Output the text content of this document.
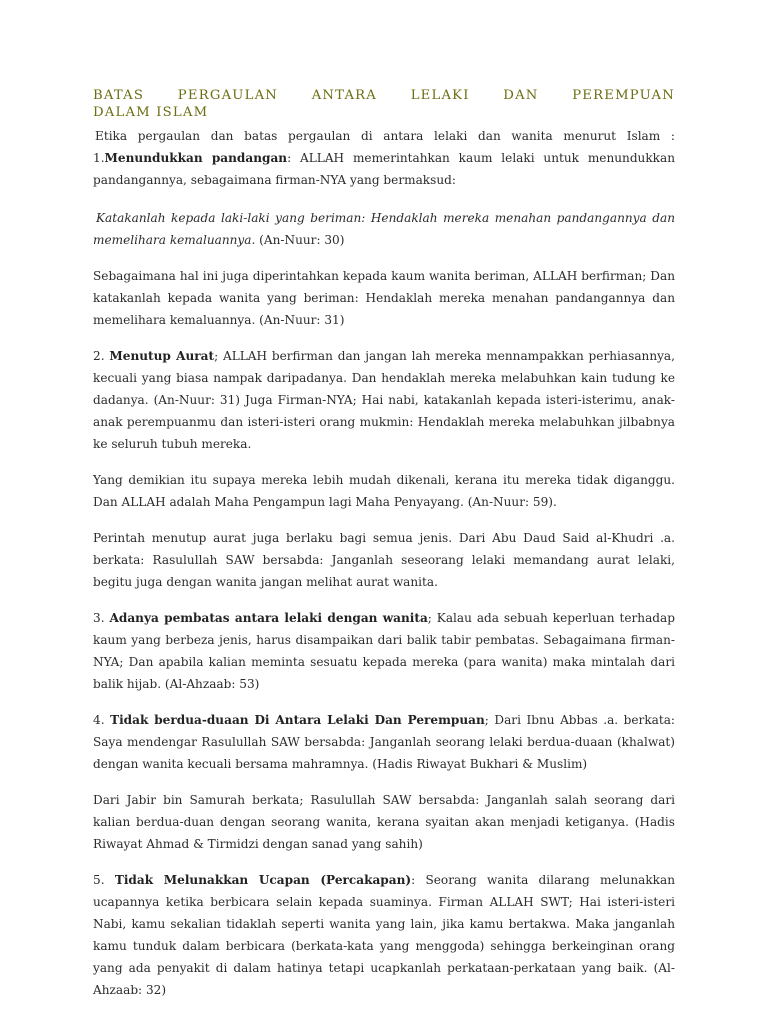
BATAS PERGAULAN ANTARA LELAKI DAN PEREMPUAN
DALAM ISLAM

Etika pergaulan dan batas pergaulan di antara lelaki dan wanita menurut Islam :

1.Menundukkan pandangan: ALLAH memerintahkan kaum lelaki untuk menundukkan pandangannya, sebagaimana firman-NYA yang bermaksud:

Katakanlah kepada laki-laki yang beriman: Hendaklah mereka menahan pandangannya dan memelihara kemaluannya. (An-Nuur: 30)

Sebagaimana hal ini juga diperintahkan kepada kaum wanita beriman, ALLAH berfirman; Dan katakanlah kepada wanita yang beriman: Hendaklah mereka menahan pandangannya dan memelihara kemaluannya. (An-Nuur: 31)

2. Menutup Aurat; ALLAH berfirman dan jangan lah mereka mennampakkan perhiasannya, kecuali yang biasa nampak daripadanya. Dan hendaklah mereka melabuhkan kain tudung ke dadanya. (An-Nuur: 31) Juga Firman-NYA; Hai nabi, katakanlah kepada isteri-isterimu, anak-anak perempuanmu dan isteri-isteri orang mukmin: Hendaklah mereka melabuhkan jilbabnya ke seluruh tubuh mereka.

Yang demikian itu supaya mereka lebih mudah dikenali, kerana itu mereka tidak diganggu. Dan ALLAH adalah Maha Pengampun lagi Maha Penyayang. (An-Nuur: 59).

Perintah menutup aurat juga berlaku bagi semua jenis. Dari Abu Daud Said al-Khudri .a. berkata: Rasulullah SAW bersabda: Janganlah seseorang lelaki memandang aurat lelaki, begitu juga dengan wanita jangan melihat aurat wanita.

3. Adanya pembatas antara lelaki dengan wanita; Kalau ada sebuah keperluan terhadap kaum yang berbeza jenis, harus disampaikan dari balik tabir pembatas. Sebagaimana firman-NYA; Dan apabila kalian meminta sesuatu kepada mereka (para wanita) maka mintalah dari balik hijab. (Al-Ahzaab: 53)

4. Tidak berdua-duaan Di Antara Lelaki Dan Perempuan; Dari Ibnu Abbas .a. berkata: Saya mendengar Rasulullah SAW bersabda: Janganlah seorang lelaki berdua-duaan (khalwat) dengan wanita kecuali bersama mahramnya. (Hadis Riwayat Bukhari & Muslim)

Dari Jabir bin Samurah berkata; Rasulullah SAW bersabda: Janganlah salah seorang dari kalian berdua-duan dengan seorang wanita, kerana syaitan akan menjadi ketiganya. (Hadis Riwayat Ahmad & Tirmidzi dengan sanad yang sahih)

5. Tidak Melunakkan Ucapan (Percakapan): Seorang wanita dilarang melunakkan ucapannya ketika berbicara selain kepada suaminya. Firman ALLAH SWT; Hai isteri-isteri Nabi, kamu sekalian tidaklah seperti wanita yang lain, jika kamu bertakwa. Maka janganlah kamu tunduk dalam berbicara (berkata-kata yang menggoda) sehingga berkeinginan orang yang ada penyakit di dalam hatinya tetapi ucapkanlah perkataan-perkataan yang baik. (Al-Ahzaab: 32)
